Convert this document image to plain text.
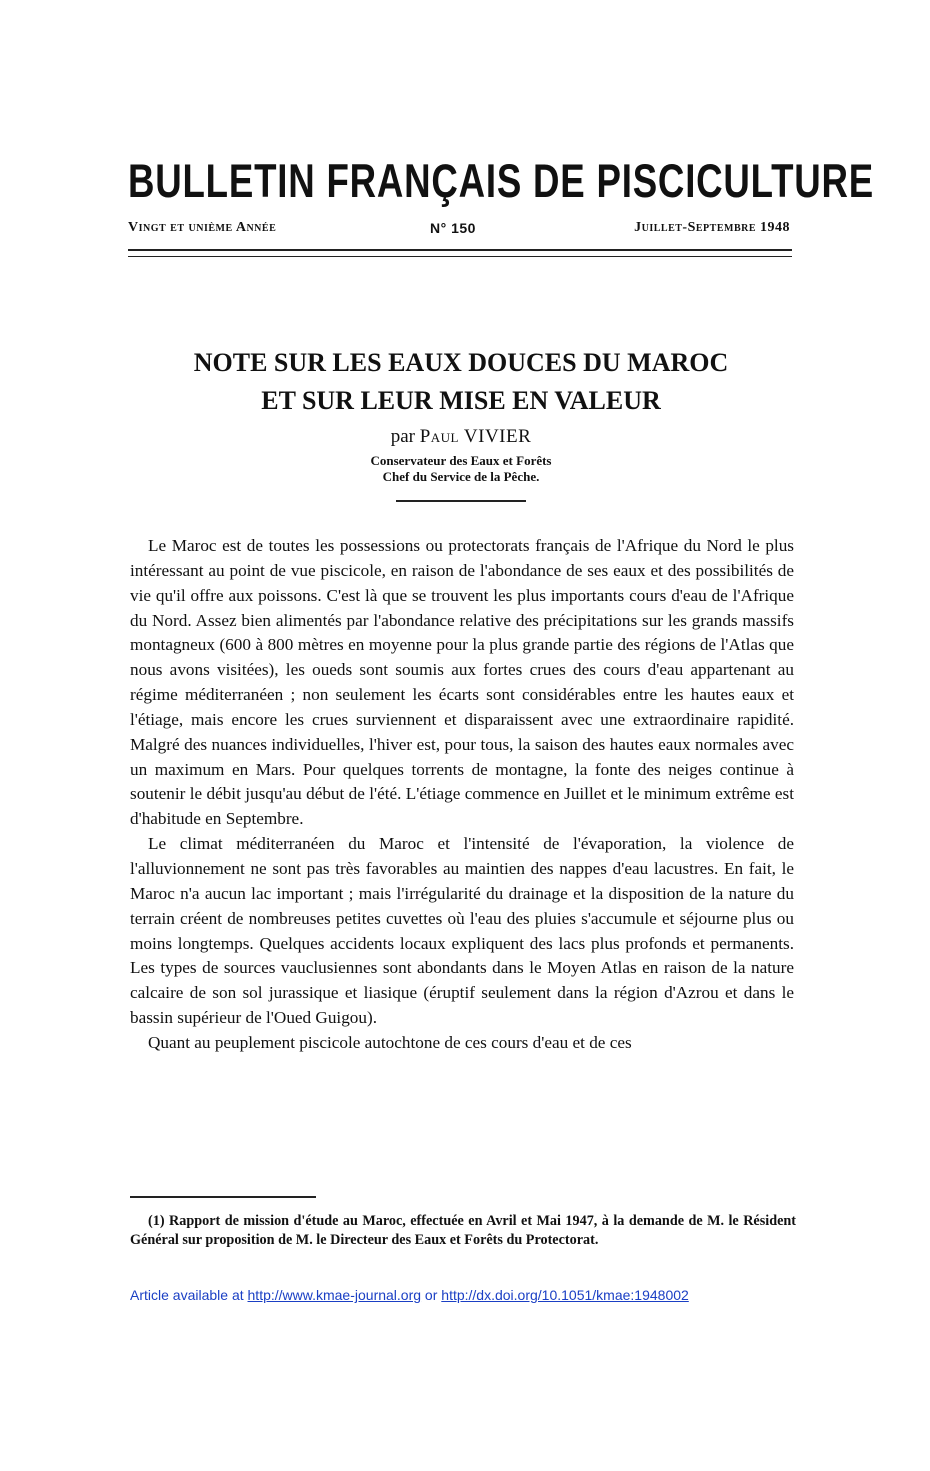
BULLETIN FRANÇAIS DE PISCICULTURE
Vingt et unième Année	N° 150	Juillet-Septembre 1948
NOTE SUR LES EAUX DOUCES DU MAROC
ET SUR LEUR MISE EN VALEUR
par Paul VIVIER
Conservateur des Eaux et Forêts
Chef du Service de la Pêche.

Le Maroc est de toutes les possessions ou protectorats français de l'Afrique du Nord le plus intéressant au point de vue piscicole, en raison de l'abondance de ses eaux et des possibilités de vie qu'il offre aux poissons. C'est là que se trouvent les plus importants cours d'eau de l'Afrique du Nord. Assez bien alimentés par l'abondance relative des précipitations sur les grands massifs montagneux (600 à 800 mètres en moyenne pour la plus grande partie des régions de l'Atlas que nous avons visitées), les oueds sont soumis aux fortes crues des cours d'eau appartenant au régime méditerranéen ; non seulement les écarts sont considérables entre les hautes eaux et l'étiage, mais encore les crues surviennent et disparaissent avec une extraordinaire rapidité. Malgré des nuances individuelles, l'hiver est, pour tous, la saison des hautes eaux normales avec un maximum en Mars. Pour quelques torrents de montagne, la fonte des neiges continue à soutenir le débit jusqu'au début de l'été. L'étiage commence en Juillet et le minimum extrême est d'habitude en Septembre.

Le climat méditerranéen du Maroc et l'intensité de l'évaporation, la violence de l'alluvionnement ne sont pas très favorables au maintien des nappes d'eau lacustres. En fait, le Maroc n'a aucun lac important ; mais l'irrégularité du drainage et la disposition de la nature du terrain créent de nombreuses petites cuvettes où l'eau des pluies s'accumule et séjourne plus ou moins longtemps. Quelques accidents locaux expliquent des lacs plus profonds et permanents. Les types de sources vauclusiennes sont abondants dans le Moyen Atlas en raison de la nature calcaire de son sol jurassique et liasique (éruptif seulement dans la région d'Azrou et dans le bassin supérieur de l'Oued Guigou).

Quant au peuplement piscicole autochtone de ces cours d'eau et de ces

(1) Rapport de mission d'étude au Maroc, effectuée en Avril et Mai 1947, à la demande de M. le Résident Général sur proposition de M. le Directeur des Eaux et Forêts du Protectorat.
Article available at http://www.kmae-journal.org or http://dx.doi.org/10.1051/kmae:1948002
